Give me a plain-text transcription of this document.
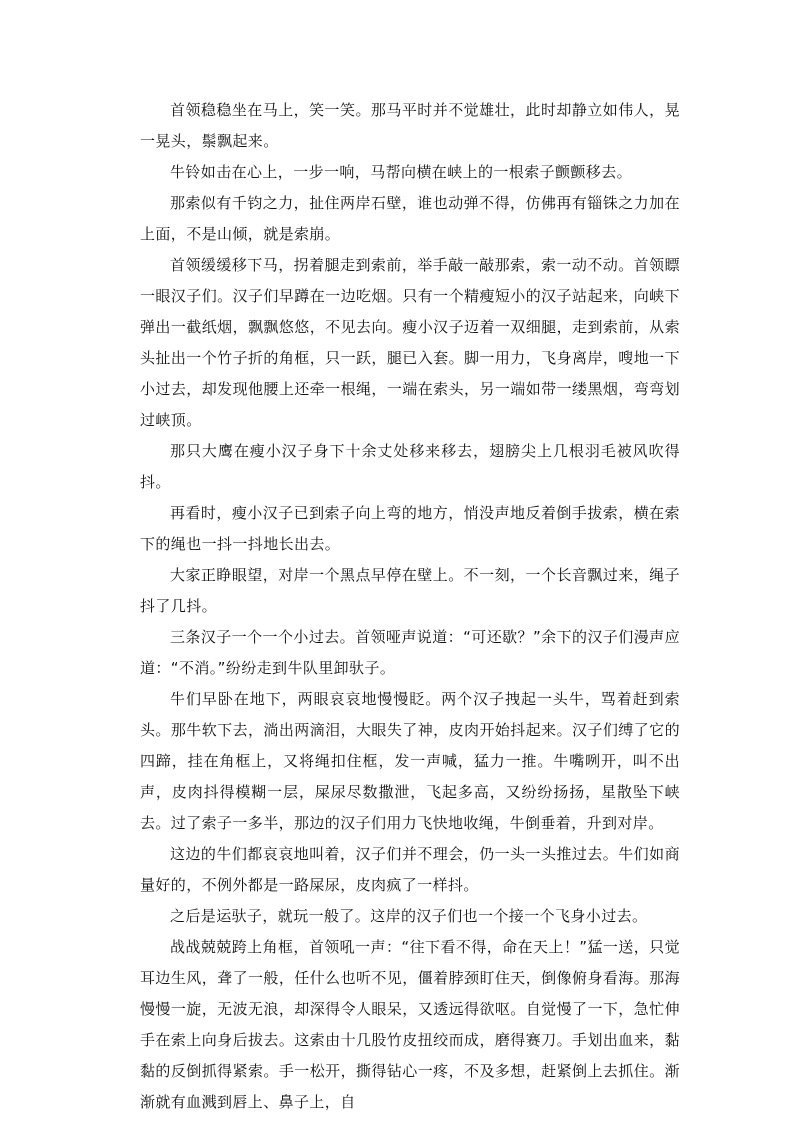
首领稳稳坐在马上，笑一笑。那马平时并不觉雄壮，此时却静立如伟人，晃一晃头，鬃飘起来。

牛铃如击在心上，一步一响，马帮向横在峡上的一根索子颤颤移去。

那索似有千钧之力，扯住两岸石壁，谁也动弹不得，仿佛再有锱铢之力加在上面，不是山倾，就是索崩。

首领缓缓移下马，拐着腿走到索前，举手敲一敲那索，索一动不动。首领瞟一眼汉子们。汉子们早蹲在一边吃烟。只有一个精瘦短小的汉子站起来，向峡下弹出一截纸烟，飘飘悠悠，不见去向。瘦小汉子迈着一双细腿，走到索前，从索头扯出一个竹子折的角框，只一跃，腿已入套。脚一用力，飞身离岸，嗖地一下小过去，却发现他腰上还牵一根绳，一端在索头，另一端如带一缕黑烟，弯弯划过峡顶。

那只大鹰在瘦小汉子身下十余丈处移来移去，翅膀尖上几根羽毛被风吹得抖。

再看时，瘦小汉子已到索子向上弯的地方，悄没声地反着倒手拔索，横在索下的绳也一抖一抖地长出去。

大家正睁眼望，对岸一个黑点早停在壁上。不一刻，一个长音飘过来，绳子抖了几抖。

三条汉子一个一个小过去。首领哑声说道：“可还歇？”余下的汉子们漫声应道：“不消。”纷纷走到牛队里卸驮子。

牛们早卧在地下，两眼哀哀地慢慢眨。两个汉子拽起一头牛，骂着赶到索头。那牛软下去，淌出两滴泪，大眼失了神，皮肉开始抖起来。汉子们缚了它的四蹄，挂在角框上，又将绳扣住框，发一声喊，猛力一推。牛嘴咧开，叫不出声，皮肉抖得模糊一层，屎尿尽数撒泄，飞起多高，又纷纷扬扬，星散坠下峡去。过了索子一多半，那边的汉子们用力飞快地收绳，牛倒垂着，升到对岸。

这边的牛们都哀哀地叫着，汉子们并不理会，仍一头一头推过去。牛们如商量好的，不例外都是一路屎尿，皮肉疯了一样抖。

之后是运驮子，就玩一般了。这岸的汉子们也一个接一个飞身小过去。

战战兢兢跨上角框，首领吼一声：“往下看不得，命在天上！”猛一送，只觉耳边生风，聋了一般，任什么也听不见，僵着脖颈盯住天，倒像俯身看海。那海慢慢一旋，无波无浪，却深得令人眼呆，又透远得欲呕。自觉慢了一下，急忙伸手在索上向身后拔去。这索由十几股竹皮扭绞而成，磨得赛刀。手划出血来，黏黏的反倒抓得紧索。手一松开，撕得钻心一疼，不及多想，赶紧倒上去抓住。渐渐就有血溅到唇上、鼻子上，自
